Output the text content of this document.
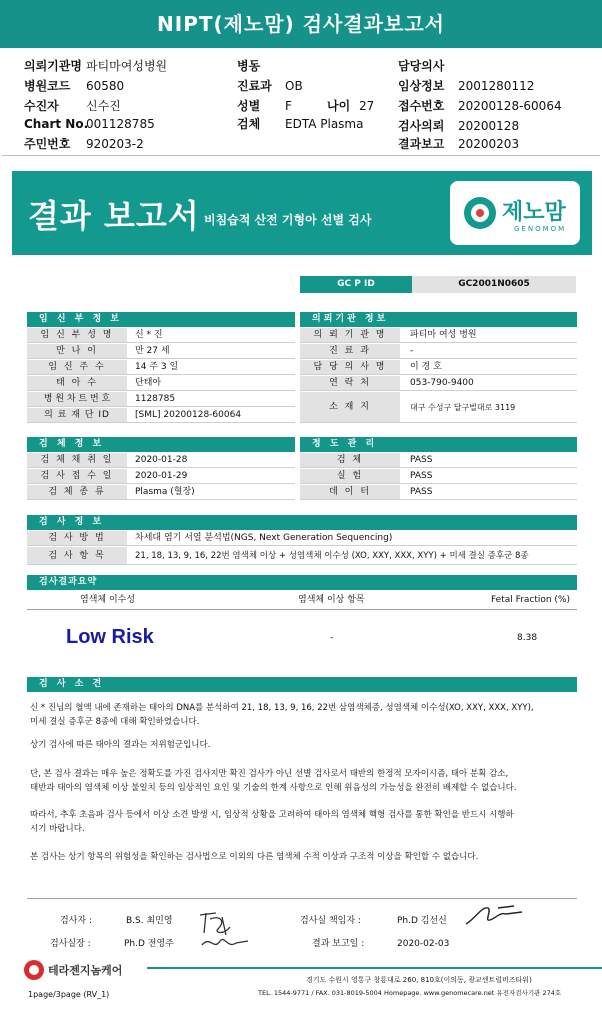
NIPT(제노맘) 검사결과보고서
의뢰기관명 파티마여성병원
병원코드 60580
수진자 신수진
Chart No.001128785
주민번호 920203-2
병동
진료과 OB
성별 F	나이 27
검체 EDTA Plasma
담당의사
임상정보 2001280112
접수번호 20200128-60064
검사의뢰 20200128
결과보고 20200203
결과 보고서 비침습적 산전 기형아 선별 검사	제노맘
GENOMOM
GC P ID	GC2001N0605
임 신 부 정 보
임 신 부 성 명	신 * 진
만 나 이	만 27 세
임 신 주 수	14 주 3 일
태 아 수	단태아
병 원 차 트 번 호	1128785
의 료 재 단 ID	[SML] 20200128-60064
의뢰기관 정보
의 뢰 기 관 명	파티마 여성 병원
진 료 과	-
담 당 의 사 명	이 경 호
연 락 처	053-790-9400
소 재 지	대구 수성구 달구벌대로 3119
검 체 정 보
검 체 채 취 일	2020-01-28
검 사 접 수 일	2020-01-29
검 체 종 류	Plasma (혈장)
정 도 관 리
검 체	PASS
실 험	PASS
데 이 터	PASS
검 사 정 보
검 사 방 법	차세대 염기 서열 분석법(NGS, Next Generation Sequencing)
검 사 항 목	21, 18, 13, 9, 16, 22번 염색체 이상 + 성염색체 이수성 (XO, XXY, XXX, XYY) + 미세 결실 증후군 8종
검사결과요약
염색체 이수성	염색체 이상 항목	Fetal Fraction (%)
Low Risk	-	8.38
검 사 소 견
신 * 진님의 혈액 내에 존재하는 태아의 DNA를 분석하여 21, 18, 13, 9, 16, 22번 삼염색체증, 성염색체 이수성(XO, XXY, XXX, XYY),
미세 결실 증후군 8종에 대해 확인하였습니다.
상기 검사에 따른 태아의 결과는 저위험군입니다.
단, 본 검사 결과는 매우 높은 정확도를 가진 검사지만 확진 검사가 아닌 선별 검사로서 태반의 한정적 모자이시즘, 태아 분획 감소,
태반과 태아의 염색체 이상 불일치 등의 임상적인 요인 및 기술의 한계 사항으로 인해 위음성의 가능성을 완전히 배제할 수 없습니다.
따라서, 추후 초음파 검사 등에서 이상 소견 발생 시, 임상적 상황을 고려하여 태아의 염색체 핵형 검사를 통한 확인을 반드시 시행하
시기 바랍니다.
본 검사는 상기 항목의 위험성을 확인하는 검사법으로 이외의 다른 염색체 수적 이상과 구조적 이상을 확인할 수 없습니다.
검사자 :	B.S. 최민영
검사실장 :	Ph.D 전영주
검사실 책임자 :	Ph.D 김선신
결과 보고일 :	2020-02-03
테라젠지놈케어
경기도 수원시 영통구 창룡대로 260, 810호(이의동, 광교센트럴비즈타워)
TEL. 1544-9771 / FAX. 031-8019-5004 Homepage. www.genomecare.net 유전자검사기관 274호
1page/3page (RV_1)
